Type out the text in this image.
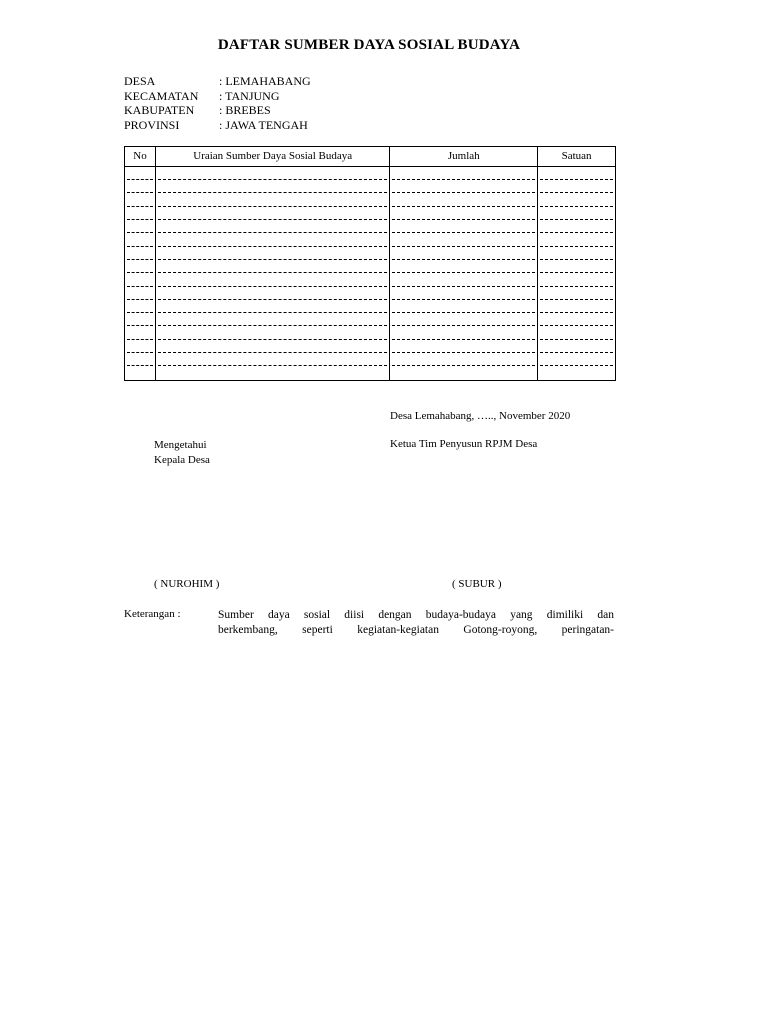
DAFTAR SUMBER DAYA SOSIAL BUDAYA
DESA	: LEMAHABANG
KECAMATAN : TANJUNG
KABUPATEN : BREBES
PROVINSI	: JAWA TENGAH
No	Uraian Sumber Daya Sosial Budaya	Jumlah	Satuan

Desa Lemahabang, ….., November 2020
Mengetahui
Kepala Desa
Ketua Tim Penyusun RPJM Desa
( NUROHIM )	( SUBUR )
Keterangan :	Sumber daya sosial diisi dengan budaya-budaya yang dimiliki dan
berkembang, seperti kegiatan-kegiatan Gotong-royong, peringatan-
